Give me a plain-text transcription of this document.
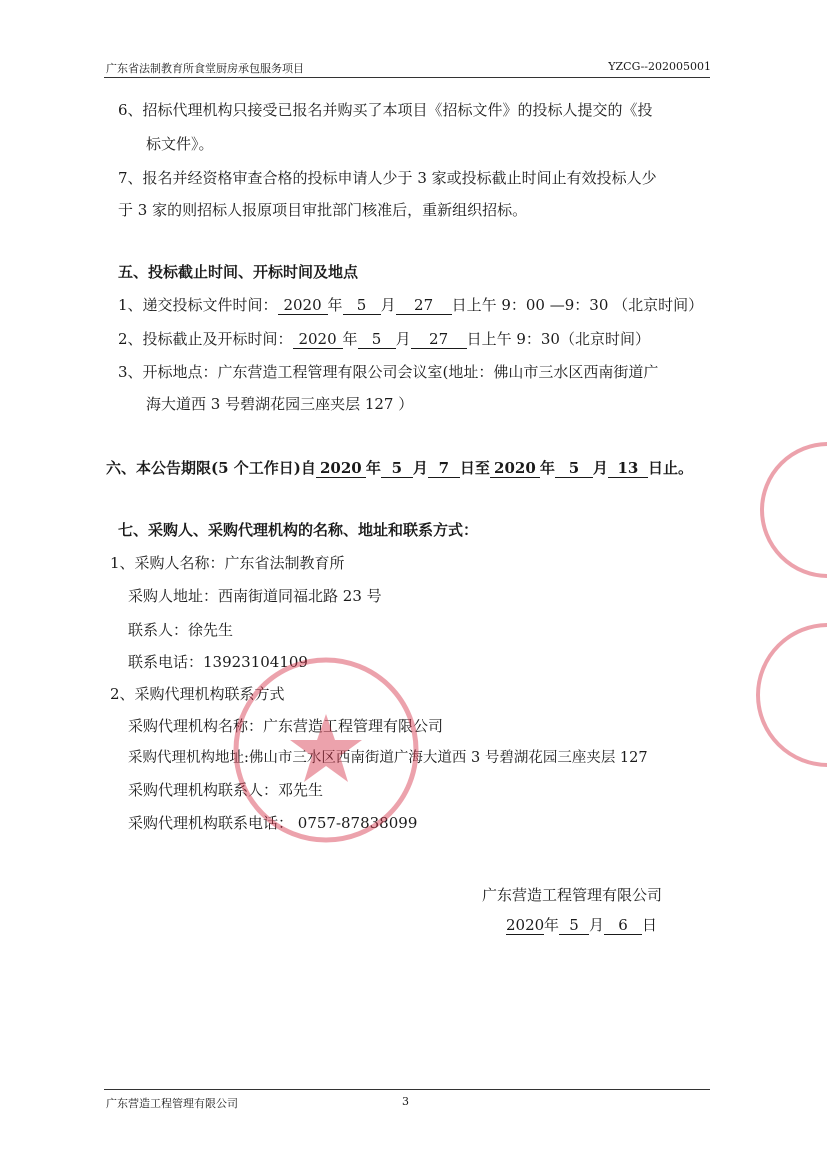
广东省法制教育所食堂厨房承包服务项目	YZCG--202005001
6、招标代理机构只接受已报名并购买了本项目《招标文件》的投标人提交的《投
标文件》。
7、报名并经资格审查合格的投标申请人少于 3 家或投标截止时间止有效投标人少
于 3 家的则招标人报原项目审批部门核准后，重新组织招标。
五、投标截止时间、开标时间及地点
1、递交投标文件时间： 2020 年 5 月 27 日上午 9：00 —9：30 （北京时间）
2、投标截止及开标时间： 2020 年 5 月 27 日上午 9：30（北京时间）
3、开标地点：广东营造工程管理有限公司会议室(地址：佛山市三水区西南街道广
海大道西 3 号碧湖花园三座夹层 127 ）
六、本公告期限(5 个工作日)自 2020 年 5 月 7 日至 2020 年 5 月 13 日止。
七、采购人、采购代理机构的名称、地址和联系方式：
1、采购人名称：广东省法制教育所
采购人地址：西南街道同福北路 23 号
联系人：徐先生
联系电话：13923104109
2、采购代理机构联系方式
采购代理机构名称：广东营造工程管理有限公司
采购代理机构地址:佛山市三水区西南街道广海大道西 3 号碧湖花园三座夹层 127
采购代理机构联系人：邓先生
采购代理机构联系电话： 0757-87838099
广东营造工程管理有限公司
2020年 5 月 6 日
广东营造工程管理有限公司	3
